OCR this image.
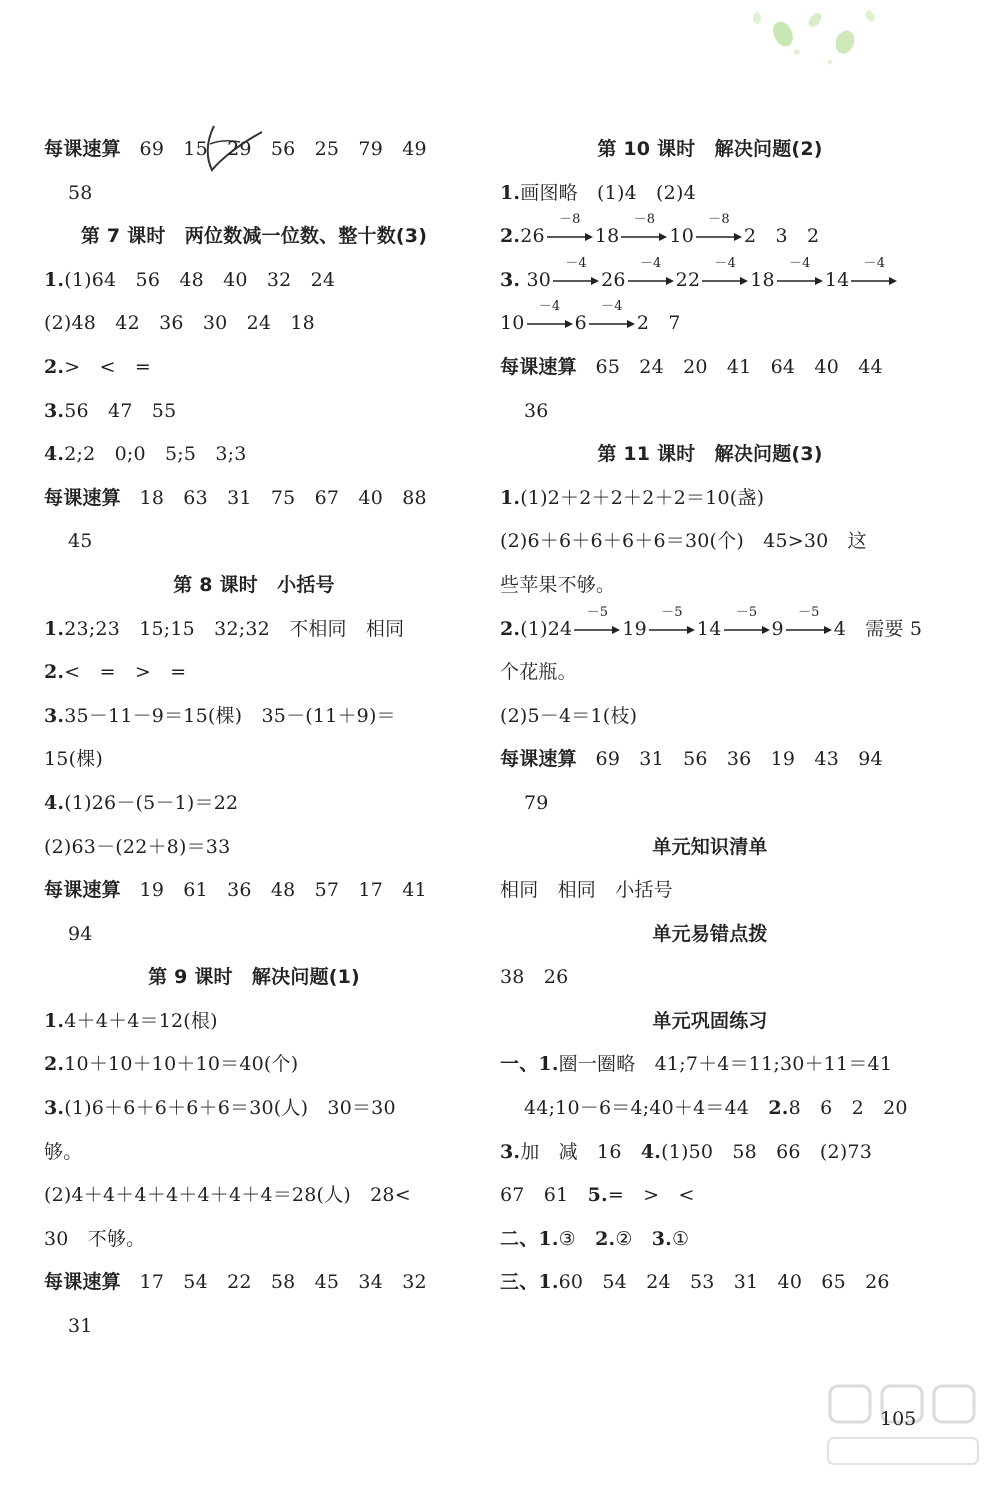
每课速算 69　15　29　56　25　79　49
58
第 7 课时　两位数减一位数、整十数(3)
1.(1)64　56　48　40　32　24
(2)48　42　36　30　24　18
2.>　<　=
3.56　47　55
4.2;2　0;0　5;5　3;3
每课速算 18　63　31　75　67　40　88
45
第 8 课时　小括号
1.23;23　15;15　32;32　不相同　相同
2.<　=　>　=
3.35－11－9＝15(棵)　35－(11＋9)＝
15(棵)
4.(1)26－(5－1)＝22
(2)63－(22＋8)＝33
每课速算 19　61　36　48　57　17　41
94
第 9 课时　解决问题(1)
1.4＋4＋4＝12(根)
2.10＋10＋10＋10＝40(个)
3.(1)6＋6＋6＋6＋6＝30(人)　30＝30
够。
(2)4＋4＋4＋4＋4＋4＋4＝28(人)　28<
30　不够。
每课速算 17　54　22　58　45　34　32
31
第 10 课时　解决问题(2)
1.画图略　(1)4　(2)4
2.26
－8
18
－8
10
－8
2　 3　2
3. 30
－4
26
－4
22
－4
18
－4
14
－4
10
－4
6
－4
2　 7
每课速算 65　24　20　41　64　40　44
36
第 11 课时　解决问题(3)
1.(1)2＋2＋2＋2＋2＝10(盏)
(2)6＋6＋6＋6＋6＝30(个)　45>30　这
些苹果不够。
2.(1)24
－5
19
－5
14
－5
9
－5
4　 需要 5
个花瓶。
(2)5－4＝1(枝)
每课速算 69　31　56　36　19　43　94
79
单元知识清单
相同　相同　小括号
单元易错点拨
38　26
单元巩固练习
一、1.圈一圈略　41;7＋4＝11;30＋11＝41
44;10－6＝4;40＋4＝44　2.8　6　2　20
3.加　减　16　4.(1)50　58　66　(2)73
67　61　5.=　>　<
二、1.③　2.②　3.①
三、1.60　54　24　53　31　40　65　26
105
